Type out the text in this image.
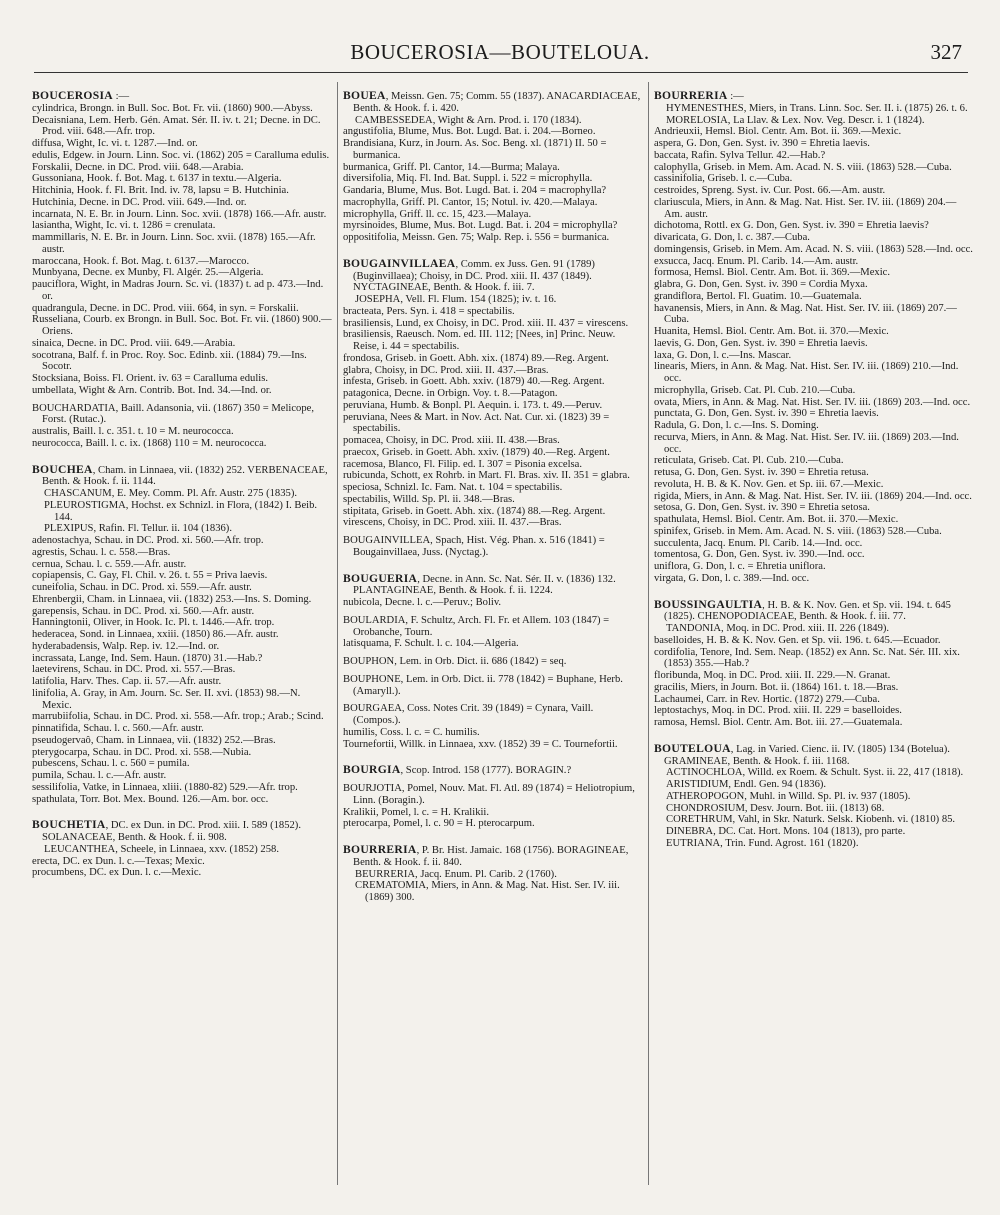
BOUCEROSIA—BOUTELOUA.	327

BOUCEROSIA :—

cylindrica, Brongn. in Bull. Soc. Bot. Fr. vii. (1860) 900.—Abyss.

Decaisniana, Lem. Herb. Gén. Amat. Sér. II. iv. t. 21; Decne. in DC. Prod. viii. 648.—Afr. trop.

diffusa, Wight, Ic. vi. t. 1287.—Ind. or.

edulis, Edgew. in Journ. Linn. Soc. vi. (1862) 205 = Caralluma edulis.

Forskalii, Decne. in DC. Prod. viii. 648.—Arabia.

Gussoniana, Hook. f. Bot. Mag. t. 6137 in textu.—Algeria.

Hitchinia, Hook. f. Fl. Brit. Ind. iv. 78, lapsu = B. Hutchinia.

Hutchinia, Decne. in DC. Prod. viii. 649.—Ind. or.

incarnata, N. E. Br. in Journ. Linn. Soc. xvii. (1878) 166.—Afr. austr.

lasiantha, Wight, Ic. vi. t. 1286 = crenulata.

mammillaris, N. E. Br. in Journ. Linn. Soc. xvii. (1878) 165.—Afr. austr.

maroccana, Hook. f. Bot. Mag. t. 6137.—Marocco.

Munbyana, Decne. ex Munby, Fl. Algér. 25.—Algeria.

pauciflora, Wight, in Madras Journ. Sc. vi. (1837) t. ad p. 473.—Ind. or.

quadrangula, Decne. in DC. Prod. viii. 664, in syn. = Forskalii.

Russeliana, Courb. ex Brongn. in Bull. Soc. Bot. Fr. vii. (1860) 900.—Oriens.

sinaica, Decne. in DC. Prod. viii. 649.—Arabia.

socotrana, Balf. f. in Proc. Roy. Soc. Edinb. xii. (1884) 79.—Ins. Socotr.

Stocksiana, Boiss. Fl. Orient. iv. 63 = Caralluma edulis.

umbellata, Wight & Arn. Contrib. Bot. Ind. 34.—Ind. or.

BOUCHARDATIA, Baill. Adansonia, vii. (1867) 350 = Melicope, Forst. (Rutac.).

australis, Baill. l. c. 351. t. 10 = M. neurococca.

neurococca, Baill. l. c. ix. (1868) 110 = M. neurococca.

BOUCHEA, Cham. in Linnaea, vii. (1832) 252. VERBENACEAE, Benth. & Hook. f. ii. 1144.

CHASCANUM, E. Mey. Comm. Pl. Afr. Austr. 275 (1835).

PLEUROSTIGMA, Hochst. ex Schnizl. in Flora, (1842) I. Beib. 144.

PLEXIPUS, Rafin. Fl. Tellur. ii. 104 (1836).

adenostachya, Schau. in DC. Prod. xi. 560.—Afr. trop.

agrestis, Schau. l. c. 558.—Bras.

cernua, Schau. l. c. 559.—Afr. austr.

copiapensis, C. Gay, Fl. Chil. v. 26. t. 55 = Priva laevis.

cuneifolia, Schau. in DC. Prod. xi. 559.—Afr. austr.

Ehrenbergii, Cham. in Linnaea, vii. (1832) 253.—Ins. S. Doming.

garepensis, Schau. in DC. Prod. xi. 560.—Afr. austr.

Hanningtonii, Oliver, in Hook. Ic. Pl. t. 1446.—Afr. trop.

hederacea, Sond. in Linnaea, xxiii. (1850) 86.—Afr. austr.

hyderabadensis, Walp. Rep. iv. 12.—Ind. or.

incrassata, Lange, Ind. Sem. Haun. (1870) 31.—Hab.?

laetevirens, Schau. in DC. Prod. xi. 557.—Bras.

latifolia, Harv. Thes. Cap. ii. 57.—Afr. austr.

linifolia, A. Gray, in Am. Journ. Sc. Ser. II. xvi. (1853) 98.—N. Mexic.

marrubiifolia, Schau. in DC. Prod. xi. 558.—Afr. trop.; Arab.; Scind.

pinnatifida, Schau. l. c. 560.—Afr. austr.

pseudogervaô, Cham. in Linnaea, vii. (1832) 252.—Bras.

pterygocarpa, Schau. in DC. Prod. xi. 558.—Nubia.

pubescens, Schau. l. c. 560 = pumila.

pumila, Schau. l. c.—Afr. austr.

sessilifolia, Vatke, in Linnaea, xliii. (1880-82) 529.—Afr. trop.

spathulata, Torr. Bot. Mex. Bound. 126.—Am. bor. occ.

BOUCHETIA, DC. ex Dun. in DC. Prod. xiii. I. 589 (1852). SOLANACEAE, Benth. & Hook. f. ii. 908.

LEUCANTHEA, Scheele, in Linnaea, xxv. (1852) 258.

erecta, DC. ex Dun. l. c.—Texas; Mexic.

procumbens, DC. ex Dun. l. c.—Mexic.

BOUEA, Meissn. Gen. 75; Comm. 55 (1837). ANACARDIACEAE, Benth. & Hook. f. i. 420.

CAMBESSEDEA, Wight & Arn. Prod. i. 170 (1834).

angustifolia, Blume, Mus. Bot. Lugd. Bat. i. 204.—Borneo.

Brandisiana, Kurz, in Journ. As. Soc. Beng. xl. (1871) II. 50 = burmanica.

burmanica, Griff. Pl. Cantor, 14.—Burma; Malaya.

diversifolia, Miq. Fl. Ind. Bat. Suppl. i. 522 = microphylla.

Gandaria, Blume, Mus. Bot. Lugd. Bat. i. 204 = macrophylla?

macrophylla, Griff. Pl. Cantor, 15; Notul. iv. 420.—Malaya.

microphylla, Griff. ll. cc. 15, 423.—Malaya.

myrsinoides, Blume, Mus. Bot. Lugd. Bat. i. 204 = microphylla?

oppositifolia, Meissn. Gen. 75; Walp. Rep. i. 556 = burmanica.

BOUGAINVILLAEA, Comm. ex Juss. Gen. 91 (1789) (Buginvillaea); Choisy, in DC. Prod. xiii. II. 437 (1849). NYCTAGINEAE, Benth. & Hook. f. iii. 7.

JOSEPHA, Vell. Fl. Flum. 154 (1825); iv. t. 16.

bracteata, Pers. Syn. i. 418 = spectabilis.

brasiliensis, Lund, ex Choisy, in DC. Prod. xiii. II. 437 = virescens.

brasiliensis, Raeusch. Nom. ed. III. 112; [Nees, in] Princ. Neuw. Reise, i. 44 = spectabilis.

frondosa, Griseb. in Goett. Abh. xix. (1874) 89.—Reg. Argent.

glabra, Choisy, in DC. Prod. xiii. II. 437.—Bras.

infesta, Griseb. in Goett. Abh. xxiv. (1879) 40.—Reg. Argent.

patagonica, Decne. in Orbign. Voy. t. 8.—Patagon.

peruviana, Humb. & Bonpl. Pl. Aequin. i. 173. t. 49.—Peruv.

peruviana, Nees & Mart. in Nov. Act. Nat. Cur. xi. (1823) 39 = spectabilis.

pomacea, Choisy, in DC. Prod. xiii. II. 438.—Bras.

praecox, Griseb. in Goett. Abh. xxiv. (1879) 40.—Reg. Argent.

racemosa, Blanco, Fl. Filip. ed. I. 307 = Pisonia excelsa.

rubicunda, Schott, ex Rohrb. in Mart. Fl. Bras. xiv. II. 351 = glabra.

speciosa, Schnizl. Ic. Fam. Nat. t. 104 = spectabilis.

spectabilis, Willd. Sp. Pl. ii. 348.—Bras.

stipitata, Griseb. in Goett. Abh. xix. (1874) 88.—Reg. Argent.

virescens, Choisy, in DC. Prod. xiii. II. 437.—Bras.

BOUGAINVILLEA, Spach, Hist. Vég. Phan. x. 516 (1841) = Bougainvillaea, Juss. (Nyctag.).

BOUGUERIA, Decne. in Ann. Sc. Nat. Sér. II. v. (1836) 132. PLANTAGINEAE, Benth. & Hook. f. ii. 1224.

nubicola, Decne. l. c.—Peruv.; Boliv.

BOULARDIA, F. Schultz, Arch. Fl. Fr. et Allem. 103 (1847) = Orobanche, Tourn.

latisquama, F. Schult. l. c. 104.—Algeria.

BOUPHON, Lem. in Orb. Dict. ii. 686 (1842) = seq.

BOUPHONE, Lem. in Orb. Dict. ii. 778 (1842) = Buphane, Herb. (Amaryll.).

BOURGAEA, Coss. Notes Crit. 39 (1849) = Cynara, Vaill. (Compos.).

humilis, Coss. l. c. = C. humilis.

Tournefortii, Willk. in Linnaea, xxv. (1852) 39 = C. Tournefortii.

BOURGIA, Scop. Introd. 158 (1777). BORAGIN.?

BOURJOTIA, Pomel, Nouv. Mat. Fl. Atl. 89 (1874) = Heliotropium, Linn. (Boragin.).

Kralikii, Pomel, l. c. = H. Kralikii.

pterocarpa, Pomel, l. c. 90 = H. pterocarpum.

BOURRERIA, P. Br. Hist. Jamaic. 168 (1756). BORAGINEAE, Benth. & Hook. f. ii. 840.

BEURRERIA, Jacq. Enum. Pl. Carib. 2 (1760).

CREMATOMIA, Miers, in Ann. & Mag. Nat. Hist. Ser. IV. iii. (1869) 300.

BOURRERIA :—

HYMENESTHES, Miers, in Trans. Linn. Soc. Ser. II. i. (1875) 26. t. 6.

MORELOSIA, La Llav. & Lex. Nov. Veg. Descr. i. 1 (1824).

Andrieuxii, Hemsl. Biol. Centr. Am. Bot. ii. 369.—Mexic.

aspera, G. Don, Gen. Syst. iv. 390 = Ehretia laevis.

baccata, Rafin. Sylva Tellur. 42.—Hab.?

calophylla, Griseb. in Mem. Am. Acad. N. S. viii. (1863) 528.—Cuba.

cassinifolia, Griseb. l. c.—Cuba.

cestroides, Spreng. Syst. iv. Cur. Post. 66.—Am. austr.

clariuscula, Miers, in Ann. & Mag. Nat. Hist. Ser. IV. iii. (1869) 204.—Am. austr.

dichotoma, Rottl. ex G. Don, Gen. Syst. iv. 390 = Ehretia laevis?

divaricata, G. Don, l. c. 387.—Cuba.

domingensis, Griseb. in Mem. Am. Acad. N. S. viii. (1863) 528.—Ind. occ.

exsucca, Jacq. Enum. Pl. Carib. 14.—Am. austr.

formosa, Hemsl. Biol. Centr. Am. Bot. ii. 369.—Mexic.

glabra, G. Don, Gen. Syst. iv. 390 = Cordia Myxa.

grandiflora, Bertol. Fl. Guatim. 10.—Guatemala.

havanensis, Miers, in Ann. & Mag. Nat. Hist. Ser. IV. iii. (1869) 207.—Cuba.

Huanita, Hemsl. Biol. Centr. Am. Bot. ii. 370.—Mexic.

laevis, G. Don, Gen. Syst. iv. 390 = Ehretia laevis.

laxa, G. Don, l. c.—Ins. Mascar.

linearis, Miers, in Ann. & Mag. Nat. Hist. Ser. IV. iii. (1869) 210.—Ind. occ.

microphylla, Griseb. Cat. Pl. Cub. 210.—Cuba.

ovata, Miers, in Ann. & Mag. Nat. Hist. Ser. IV. iii. (1869) 203.—Ind. occ.

punctata, G. Don, Gen. Syst. iv. 390 = Ehretia laevis.

Radula, G. Don, l. c.—Ins. S. Doming.

recurva, Miers, in Ann. & Mag. Nat. Hist. Ser. IV. iii. (1869) 203.—Ind. occ.

reticulata, Griseb. Cat. Pl. Cub. 210.—Cuba.

retusa, G. Don, Gen. Syst. iv. 390 = Ehretia retusa.

revoluta, H. B. & K. Nov. Gen. et Sp. iii. 67.—Mexic.

rigida, Miers, in Ann. & Mag. Nat. Hist. Ser. IV. iii. (1869) 204.—Ind. occ.

setosa, G. Don, Gen. Syst. iv. 390 = Ehretia setosa.

spathulata, Hemsl. Biol. Centr. Am. Bot. ii. 370.—Mexic.

spinifex, Griseb. in Mem. Am. Acad. N. S. viii. (1863) 528.—Cuba.

succulenta, Jacq. Enum. Pl. Carib. 14.—Ind. occ.

tomentosa, G. Don, Gen. Syst. iv. 390.—Ind. occ.

uniflora, G. Don, l. c. = Ehretia uniflora.

virgata, G. Don, l. c. 389.—Ind. occ.

BOUSSINGAULTIA, H. B. & K. Nov. Gen. et Sp. vii. 194. t. 645 (1825). CHENOPODIACEAE, Benth. & Hook. f. iii. 77.

TANDONIA, Moq. in DC. Prod. xiii. II. 226 (1849).

baselloides, H. B. & K. Nov. Gen. et Sp. vii. 196. t. 645.—Ecuador.

cordifolia, Tenore, Ind. Sem. Neap. (1852) ex Ann. Sc. Nat. Sér. III. xix. (1853) 355.—Hab.?

floribunda, Moq. in DC. Prod. xiii. II. 229.—N. Granat.

gracilis, Miers, in Journ. Bot. ii. (1864) 161. t. 18.—Bras.

Lachaumei, Carr. in Rev. Hortic. (1872) 279.—Cuba.

leptostachys, Moq. in DC. Prod. xiii. II. 229 = baselloides.

ramosa, Hemsl. Biol. Centr. Am. Bot. iii. 27.—Guatemala.

BOUTELOUA, Lag. in Varied. Cienc. ii. IV. (1805) 134 (Botelua). GRAMINEAE, Benth. & Hook. f. iii. 1168.

ACTINOCHLOA, Willd. ex Roem. & Schult. Syst. ii. 22, 417 (1818).

ARISTIDIUM, Endl. Gen. 94 (1836).

ATHEROPOGON, Muhl. in Willd. Sp. Pl. iv. 937 (1805).

CHONDROSIUM, Desv. Journ. Bot. iii. (1813) 68.

CORETHRUM, Vahl, in Skr. Naturk. Selsk. Kiobenh. vi. (1810) 85.

DINEBRA, DC. Cat. Hort. Mons. 104 (1813), pro parte.

EUTRIANA, Trin. Fund. Agrost. 161 (1820).
